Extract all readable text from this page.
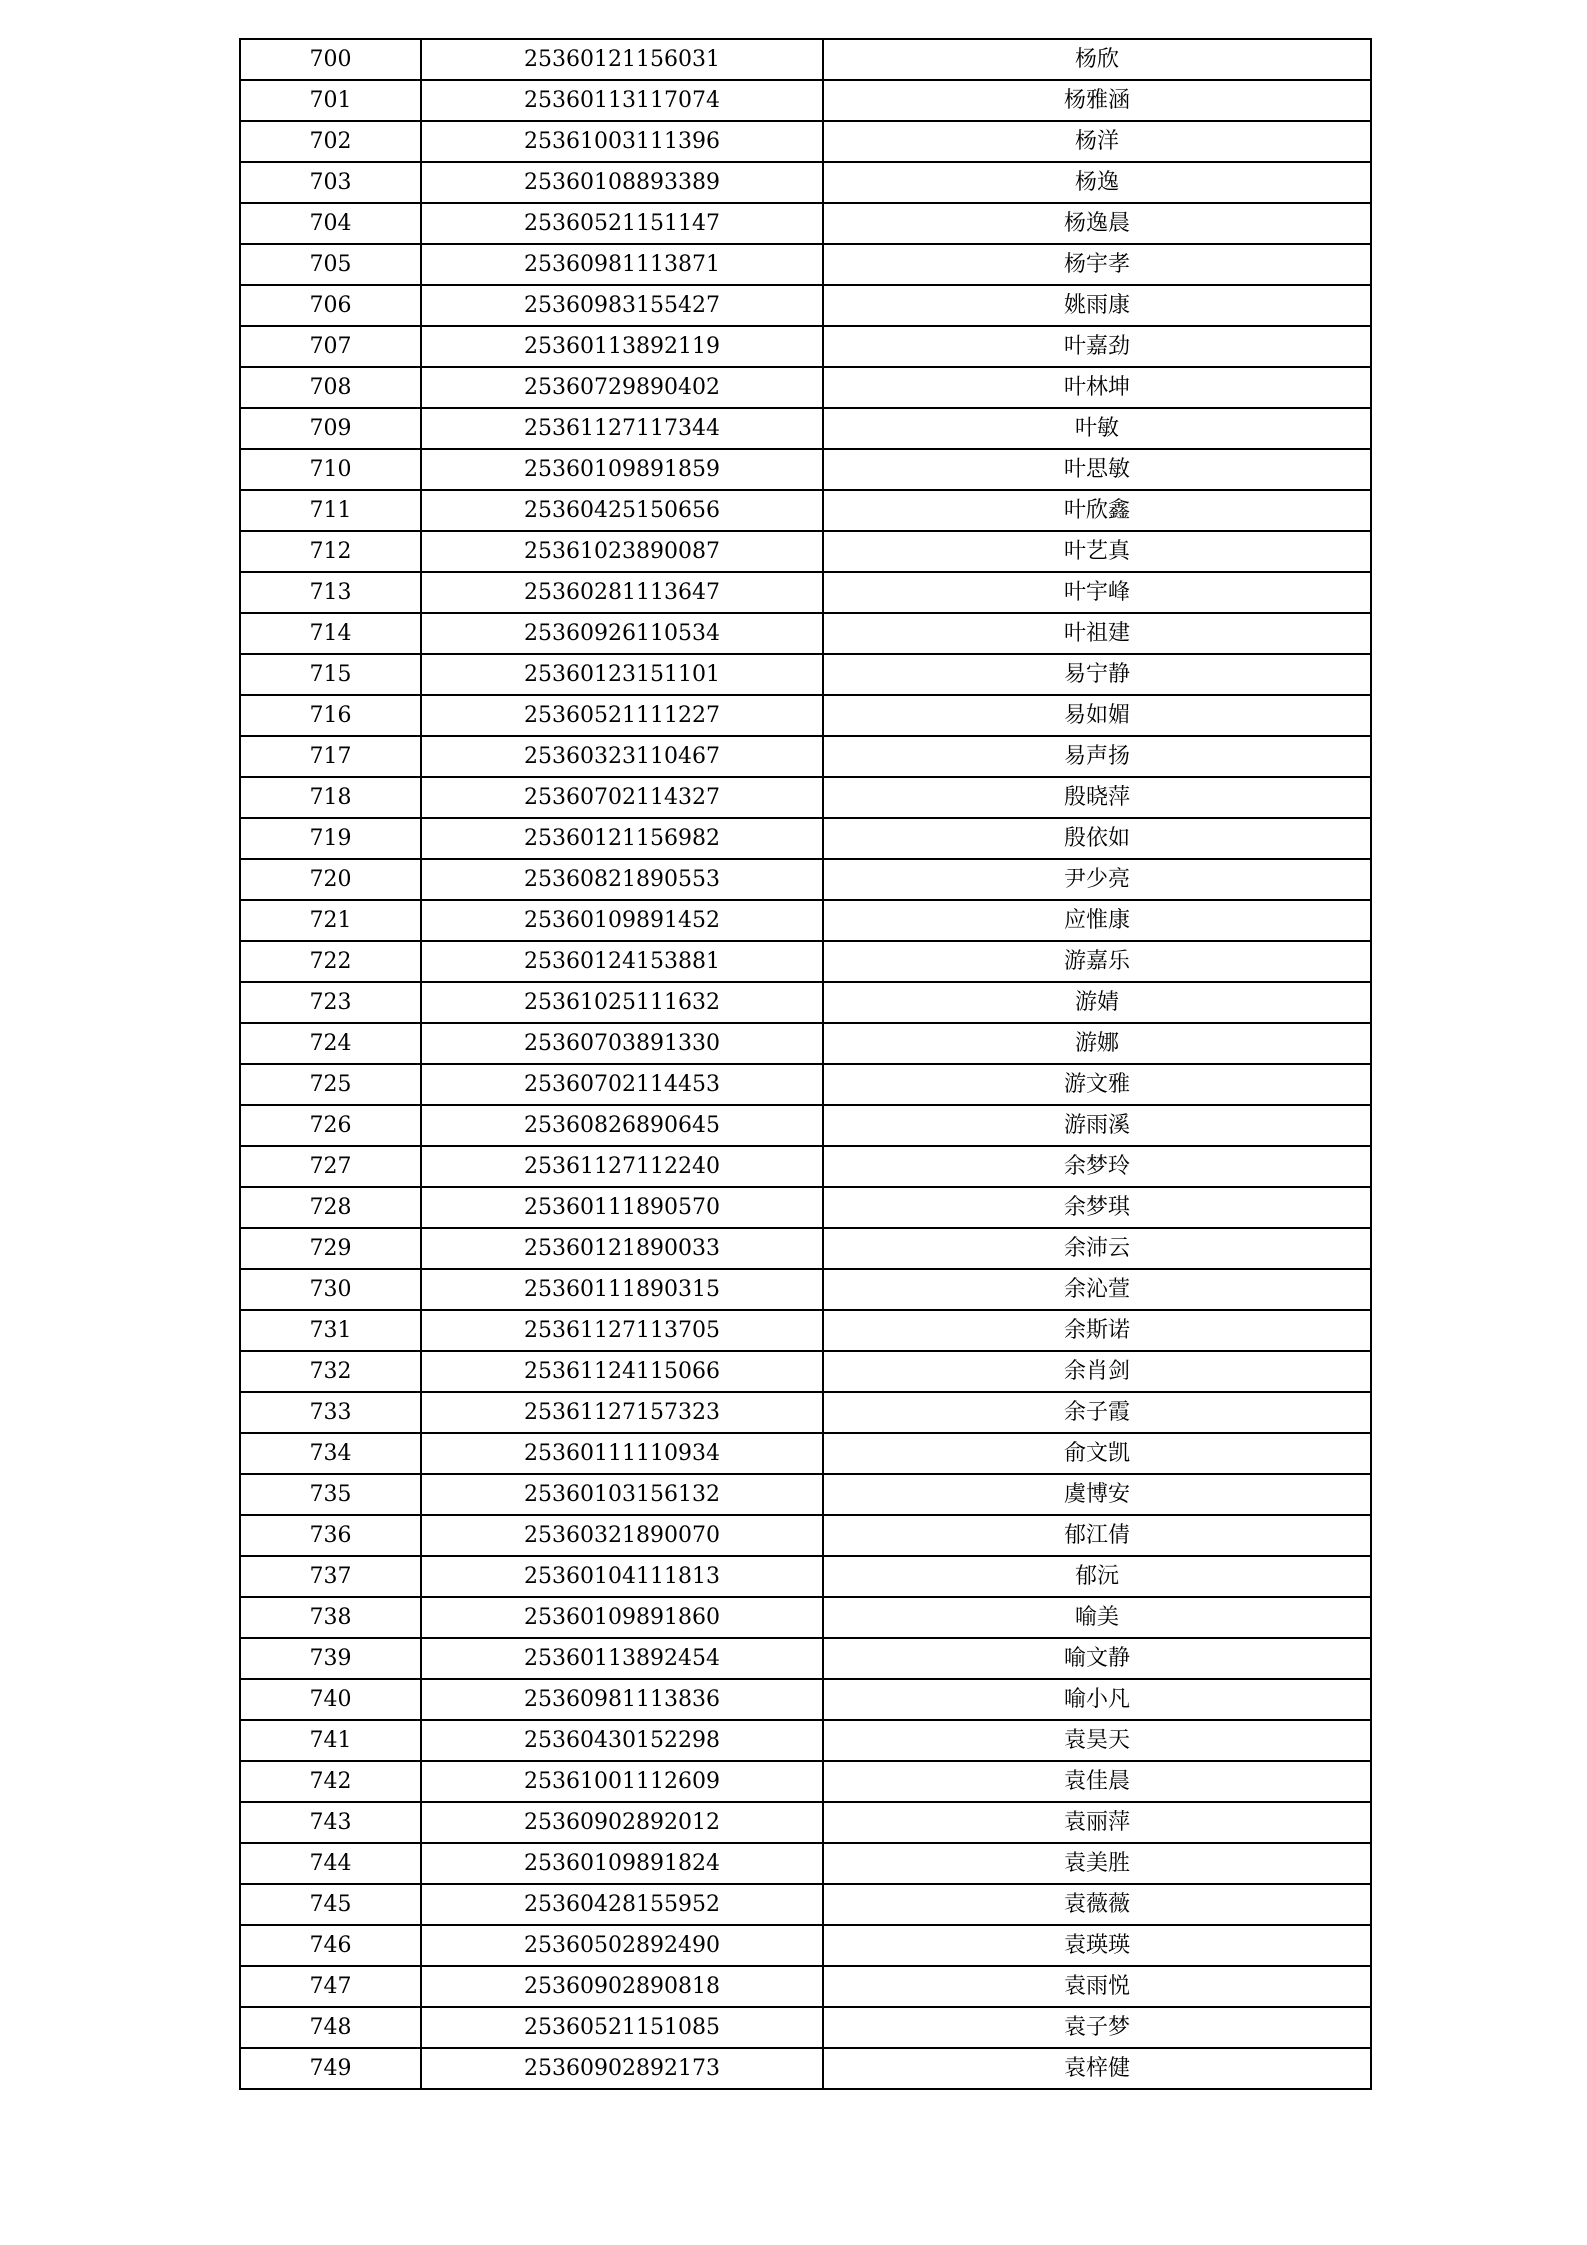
700	25360121156031	杨欣
701	25360113117074	杨雅涵
702	25361003111396	杨洋
703	25360108893389	杨逸
704	25360521151147	杨逸晨
705	25360981113871	杨宇孝
706	25360983155427	姚雨康
707	25360113892119	叶嘉劲
708	25360729890402	叶林坤
709	25361127117344	叶敏
710	25360109891859	叶思敏
711	25360425150656	叶欣鑫
712	25361023890087	叶艺真
713	25360281113647	叶宇峰
714	25360926110534	叶祖建
715	25360123151101	易宁静
716	25360521111227	易如媚
717	25360323110467	易声扬
718	25360702114327	殷晓萍
719	25360121156982	殷依如
720	25360821890553	尹少亮
721	25360109891452	应惟康
722	25360124153881	游嘉乐
723	25361025111632	游婧
724	25360703891330	游娜
725	25360702114453	游文雅
726	25360826890645	游雨溪
727	25361127112240	余梦玲
728	25360111890570	余梦琪
729	25360121890033	余沛云
730	25360111890315	余沁萱
731	25361127113705	余斯诺
732	25361124115066	余肖剑
733	25361127157323	余子霞
734	25360111110934	俞文凯
735	25360103156132	虞博安
736	25360321890070	郁江倩
737	25360104111813	郁沅
738	25360109891860	喻美
739	25360113892454	喻文静
740	25360981113836	喻小凡
741	25360430152298	袁昊天
742	25361001112609	袁佳晨
743	25360902892012	袁丽萍
744	25360109891824	袁美胜
745	25360428155952	袁薇薇
746	25360502892490	袁瑛瑛
747	25360902890818	袁雨悦
748	25360521151085	袁子梦
749	25360902892173	袁梓健
